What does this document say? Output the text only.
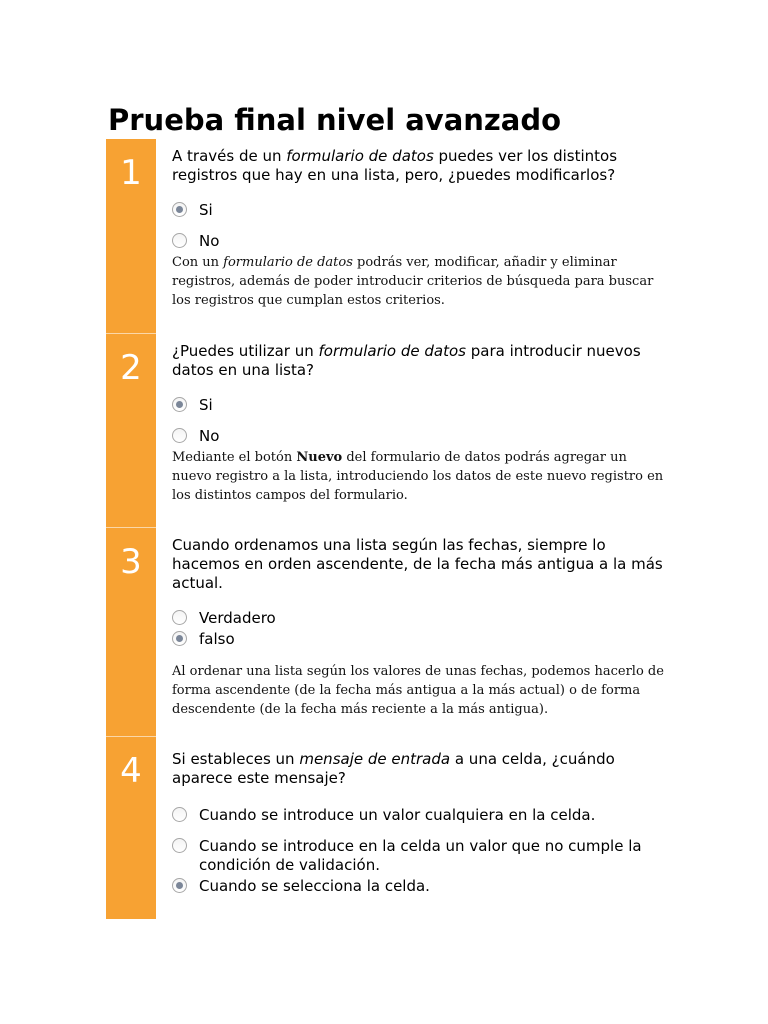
Prueba final nivel avanzado
1	A través de un formulario de datos puedes ver los distintos registros que hay en una lista, pero, ¿puedes modificarlos?

Si
No

Con un formulario de datos podrás ver, modificar, añadir y eliminar registros, además de poder introducir criterios de búsqueda para buscar los registros que cumplan estos criterios.

2	¿Puedes utilizar un formulario de datos para introducir nuevos datos en una lista?

Si
No

Mediante el botón Nuevo del formulario de datos podrás agregar un nuevo registro a la lista, introduciendo los datos de este nuevo registro en los distintos campos del formulario.

3	Cuando ordenamos una lista según las fechas, siempre lo hacemos en orden ascendente, de la fecha más antigua a la más actual.

Verdadero
falso

Al ordenar una lista según los valores de unas fechas, podemos hacerlo de forma ascendente (de la fecha más antigua a la más actual) o de forma descendente (de la fecha más reciente a la más antigua).

4	Si estableces un mensaje de entrada a una celda, ¿cuándo aparece este mensaje?

Cuando se introduce un valor cualquiera en la celda.
Cuando se introduce en la celda un valor que no cumple la condición de validación.
Cuando se selecciona la celda.
